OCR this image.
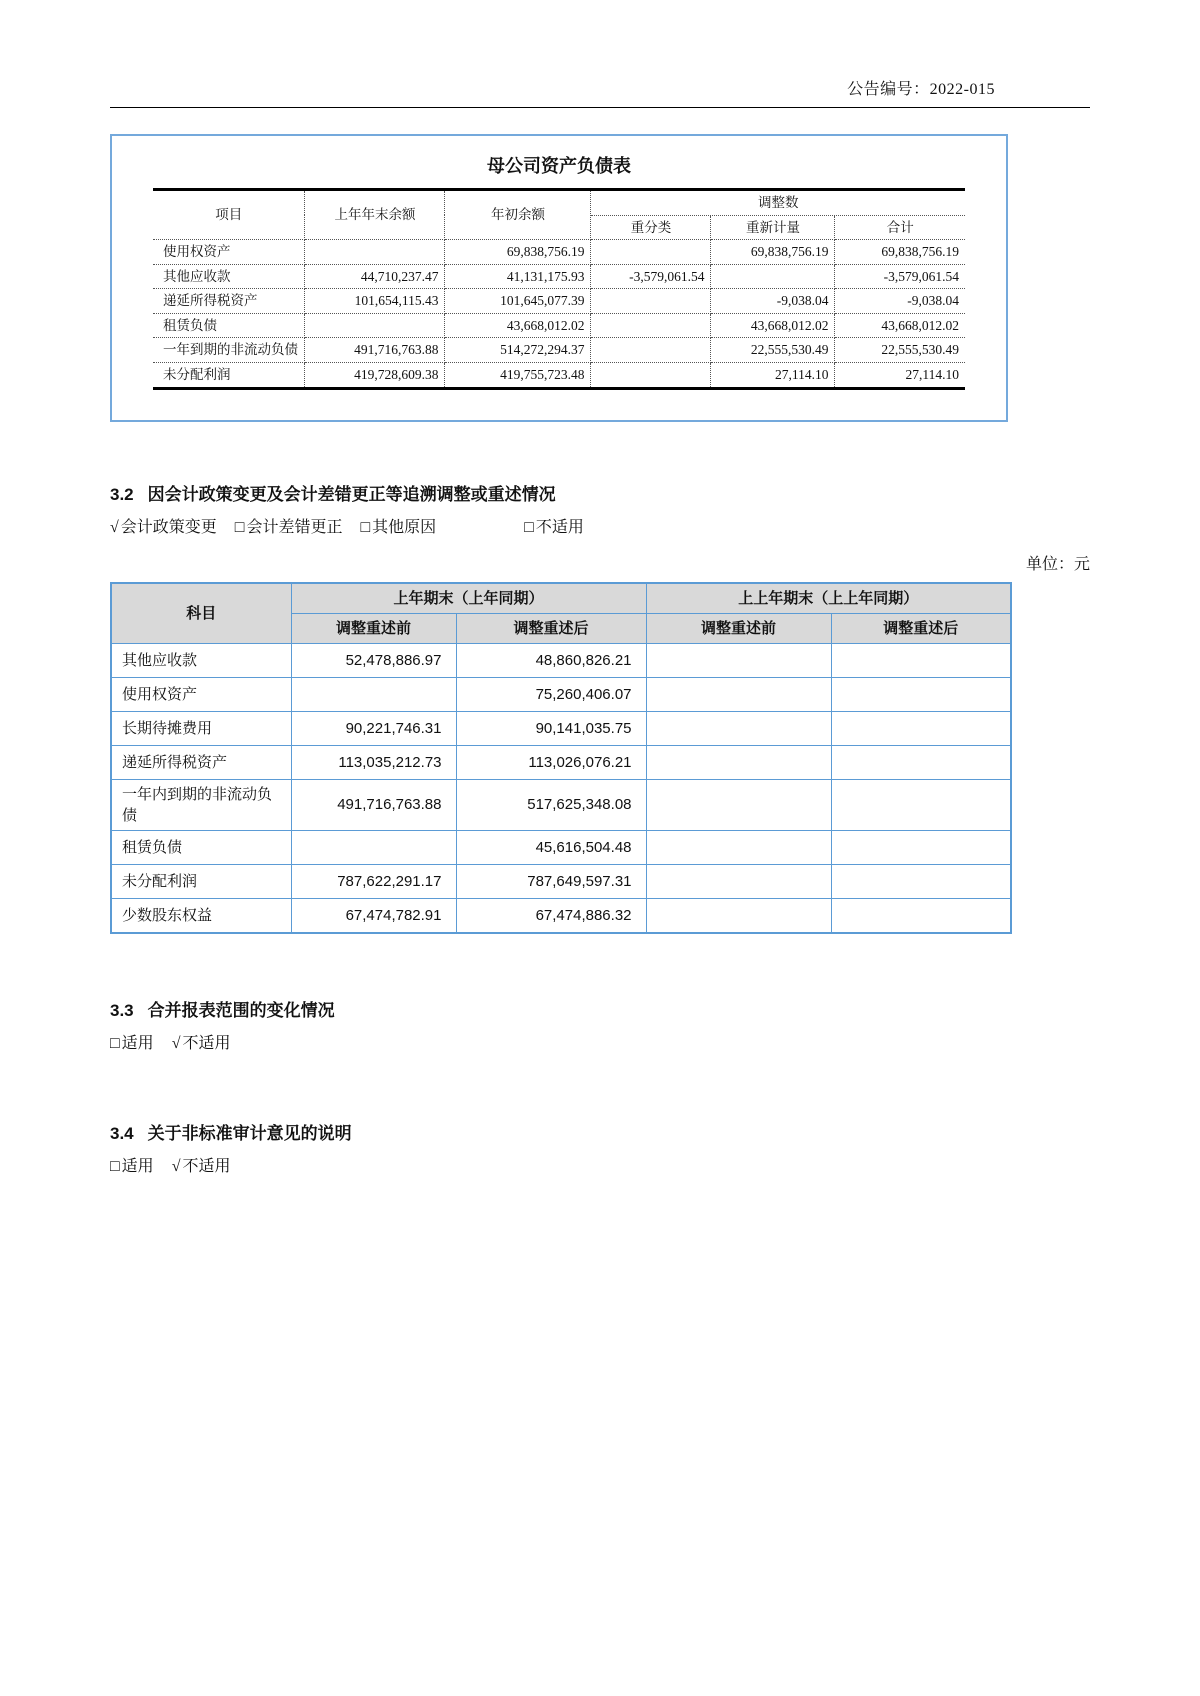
公告编号：2022-015
母公司资产负债表
项目	上年年末余额	年初余额	调整数		
			重分类	重新计量	合计
使用权资产		69,838,756.19		69,838,756.19	69,838,756.19
其他应收款	44,710,237.47	41,131,175.93	-3,579,061.54		-3,579,061.54
递延所得税资产	101,654,115.43	101,645,077.39		-9,038.04	-9,038.04
租赁负债		43,668,012.02		43,668,012.02	43,668,012.02
一年到期的非流动负债	491,716,763.88	514,272,294.37		22,555,530.49	22,555,530.49
未分配利润	419,728,609.38	419,755,723.48		27,114.10	27,114.10

3.2 因会计政策变更及会计差错更正等追溯调整或重述情况

√ 会计政策变更 □ 会计差错更正 □ 其他原因	□ 不适用
单位：元
科目	上年期末（上年同期）		上上年期末（上上年同期）	
	调整重述前	调整重述后	调整重述前	调整重述后
其他应收款	52,478,886.97	48,860,826.21		
使用权资产		75,260,406.07		
长期待摊费用	90,221,746.31	90,141,035.75		
递延所得税资产	113,035,212.73	113,026,076.21		
一年内到期的非流动负债	491,716,763.88	517,625,348.08		
租赁负债		45,616,504.48		
未分配利润	787,622,291.17	787,649,597.31		
少数股东权益	67,474,782.91	67,474,886.32		

3.3 合并报表范围的变化情况

□ 适用 √ 不适用

3.4 关于非标准审计意见的说明

□ 适用 √ 不适用
